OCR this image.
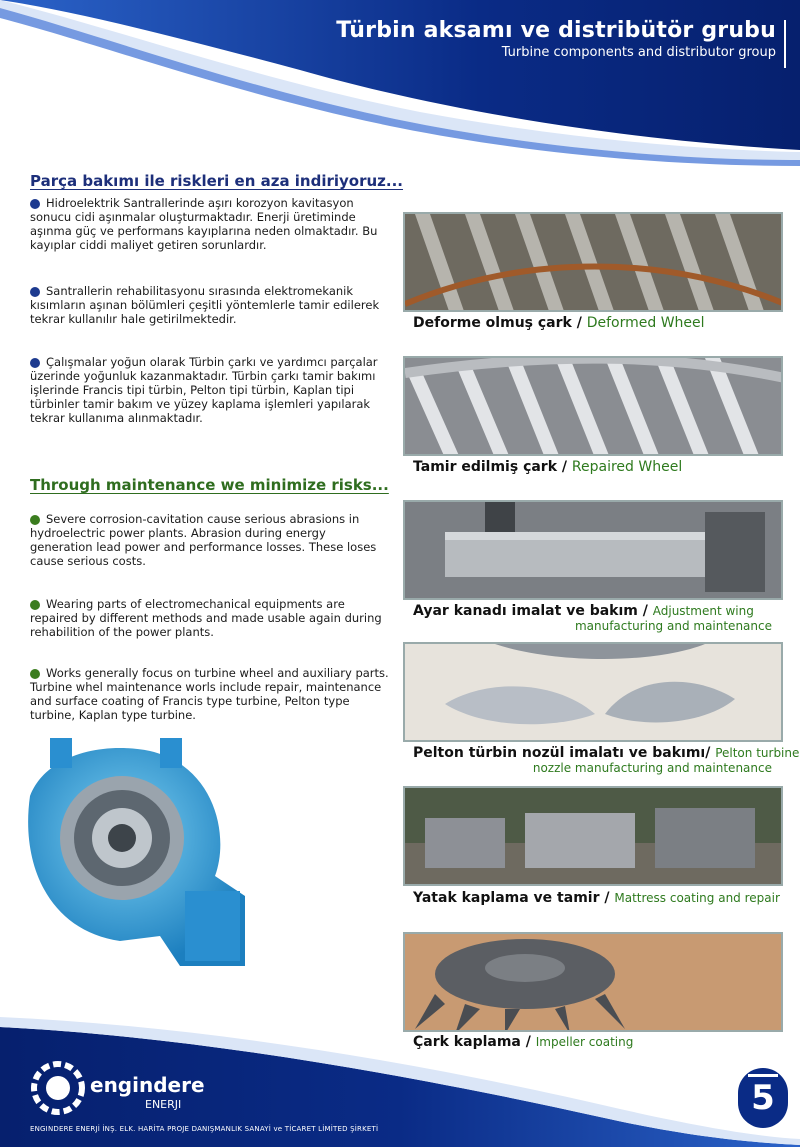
Türbin aksamı ve distribütör grubu
Turbine components and distributor group
Parça bakımı ile riskleri en aza indiriyoruz...
Hidroelektrik Santrallerinde aşırı korozyon kavitasyon sonucu cidi aşınmalar oluşturmaktadır. Enerji üretiminde aşınma güç ve performans kayıplarına neden olmaktadır. Bu kayıplar ciddi maliyet getiren sorunlardır.
Santrallerin rehabilitasyonu sırasında elektromekanik kısımların aşınan bölümleri çeşitli yöntemlerle tamir edilerek tekrar kullanılır hale getirilmektedir.
Çalışmalar yoğun olarak Türbin çarkı ve yardımcı parçalar üzerinde yoğunluk kazanmaktadır. Türbin çarkı tamir bakımı işlerinde Francis tipi türbin, Pelton tipi türbin, Kaplan tipi türbinler tamir bakım ve yüzey kaplama işlemleri yapılarak tekrar kullanıma alınmaktadır.
Through maintenance we minimize risks...
Severe corrosion-cavitation cause serious abrasions in hydroelectric power plants. Abrasion during energy generation lead power and performance losses. These loses cause serious costs.
Wearing parts of electromechanical equipments are repaired by different methods and made usable again during rehabilition of the power plants.
Works generally focus on turbine wheel and auxiliary parts. Turbine whel maintenance worls include repair, maintenance and surface coating of Francis type turbine, Pelton type turbine, Kaplan type turbine.
Deforme olmuş çark / Deformed Wheel
Tamir edilmiş çark / Repaired Wheel
Ayar kanadı imalat ve bakım / Adjustment wing
manufacturing and maintenance
Pelton türbin nozül imalatı ve bakımı/ Pelton turbine
nozzle manufacturing and maintenance
Yatak kaplama ve tamir / Mattress coating and repair
Çark kaplama / Impeller coating
engindere
ENERJI
ENGINDERE ENERJİ İNŞ. ELK. HARİTA PROJE DANIŞMANLIK SANAYİ ve TİCARET LİMİTED ŞİRKETİ
5
